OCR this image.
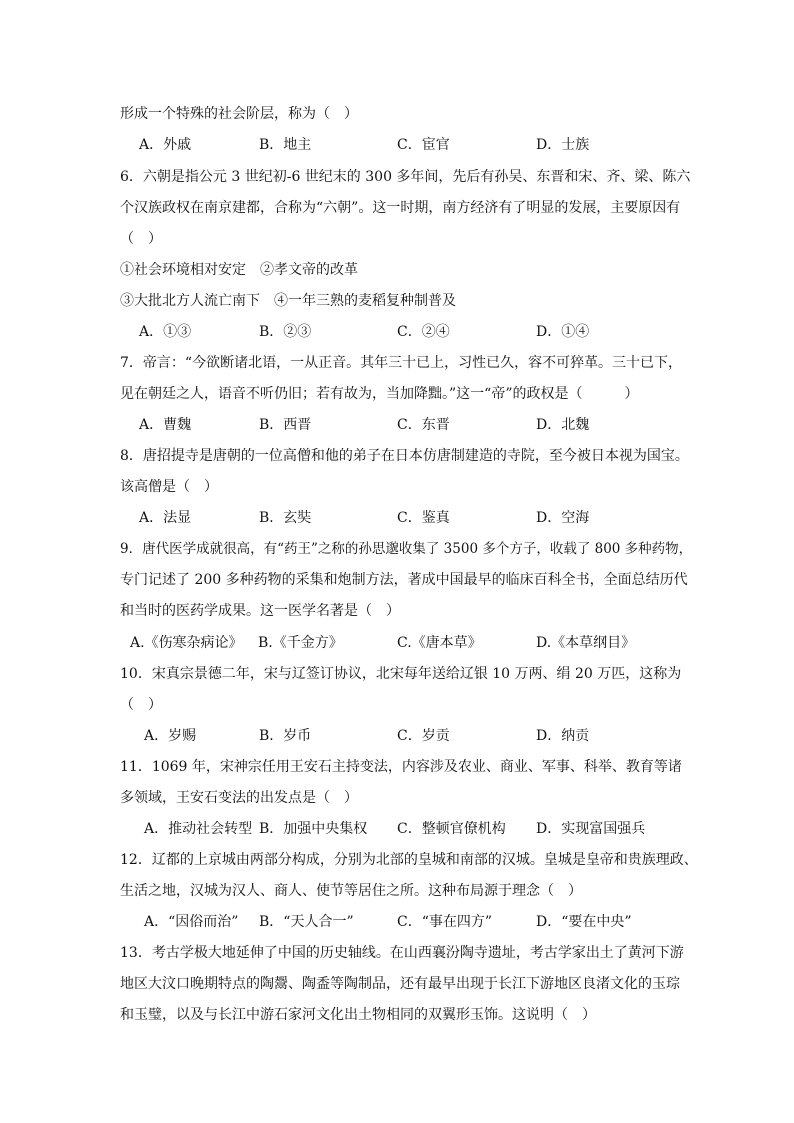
形成一个特殊的社会阶层，称为（　）
A．外戚	B．地主	C．宦官	D．士族
6．六朝是指公元 3 世纪初-6 世纪末的 300 多年间，先后有孙吴、东晋和宋、齐、梁、陈六
个汉族政权在南京建都，合称为“六朝”。这一时期，南方经济有了明显的发展，主要原因有
（　）
①社会环境相对安定　②孝文帝的改革
③大批北方人流亡南下　④一年三熟的麦稻复种制普及
A．①③	B．②③	C．②④	D．①④
7．帝言：“今欲断诸北语，一从正音。其年三十已上，习性已久，容不可猝革。三十已下，
见在朝廷之人，语音不听仍旧；若有故为，当加降黜。”这一“帝”的政权是（　　　）
A．曹魏	B．西晋	C．东晋	D．北魏
8．唐招提寺是唐朝的一位高僧和他的弟子在日本仿唐制建造的寺院，至今被日本视为国宝。
该高僧是（　）
A．法显	B．玄奘	C．鉴真	D．空海
9．唐代医学成就很高，有“药王”之称的孙思邈收集了 3500 多个方子，收载了 800 多种药物，
专门记述了 200 多种药物的采集和炮制方法，著成中国最早的临床百科全书，全面总结历代
和当时的医药学成果。这一医学名著是（　）
A.《伤寒杂病论》 B.《千金方》	C.《唐本草》	D.《本草纲目》
10．宋真宗景德二年，宋与辽签订协议，北宋每年送给辽银 10 万两、绢 20 万匹，这称为
（　）
A．岁赐	B．岁币	C．岁贡	D．纳贡
11．1069 年，宋神宗任用王安石主持变法，内容涉及农业、商业、军事、科举、教育等诸
多领域，王安石变法的出发点是（　）
A．推动社会转型 B．加强中央集权 C．整顿官僚机构 D．实现富国强兵
12．辽都的上京城由两部分构成，分别为北部的皇城和南部的汉城。皇城是皇帝和贵族理政、
生活之地，汉城为汉人、商人、使节等居住之所。这种布局源于理念（　）
A．“因俗而治” B．“天人合一”	C．“事在四方”	D．“要在中央”
13．考古学极大地延伸了中国的历史轴线。在山西襄汾陶寺遗址，考古学家出土了黄河下游
地区大汶口晚期特点的陶鬶、陶盉等陶制品，还有最早出现于长江下游地区良渚文化的玉琮
和玉璧，以及与长江中游石家河文化出土物相同的双翼形玉饰。这说明（　）
